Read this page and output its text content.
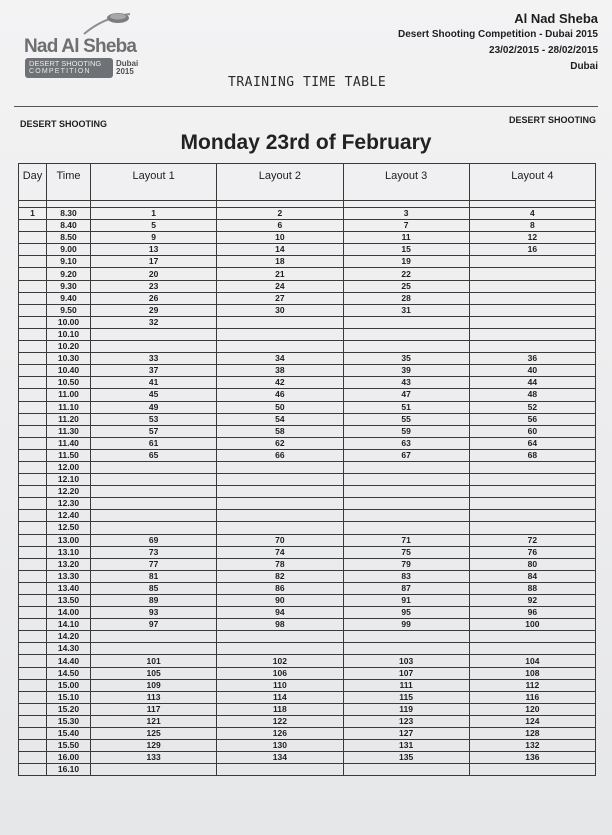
Nad Al Sheba
DESERT SHOOTING
COMPETITION
Dubai
2015
Al Nad Sheba
Desert Shooting Competition - Dubai 2015
23/02/2015 - 28/02/2015
Dubai
TRAINING TIME TABLE
DESERT SHOOTING	DESERT SHOOTING
Monday 23rd of February
Day	Time	Layout 1	Layout 2	Layout 3	Layout 4

1	8.30	1	2	3	4
	8.40	5	6	7	8
	8.50	9	10	11	12
	9.00	13	14	15	16
	9.10	17	18	19	
	9.20	20	21	22	
	9.30	23	24	25	
	9.40	26	27	28	
	9.50	29	30	31	
	10.00	32			
	10.10				
	10.20				
	10.30	33	34	35	36
	10.40	37	38	39	40
	10.50	41	42	43	44
	11.00	45	46	47	48
	11.10	49	50	51	52
	11.20	53	54	55	56
	11.30	57	58	59	60
	11.40	61	62	63	64
	11.50	65	66	67	68
	12.00				
	12.10				
	12.20				
	12.30				
	12.40				
	12.50				
	13.00	69	70	71	72
	13.10	73	74	75	76
	13.20	77	78	79	80
	13.30	81	82	83	84
	13.40	85	86	87	88
	13.50	89	90	91	92
	14.00	93	94	95	96
	14.10	97	98	99	100
	14.20				
	14.30				
	14.40	101	102	103	104
	14.50	105	106	107	108
	15.00	109	110	111	112
	15.10	113	114	115	116
	15.20	117	118	119	120
	15.30	121	122	123	124
	15.40	125	126	127	128
	15.50	129	130	131	132
	16.00	133	134	135	136
	16.10				
